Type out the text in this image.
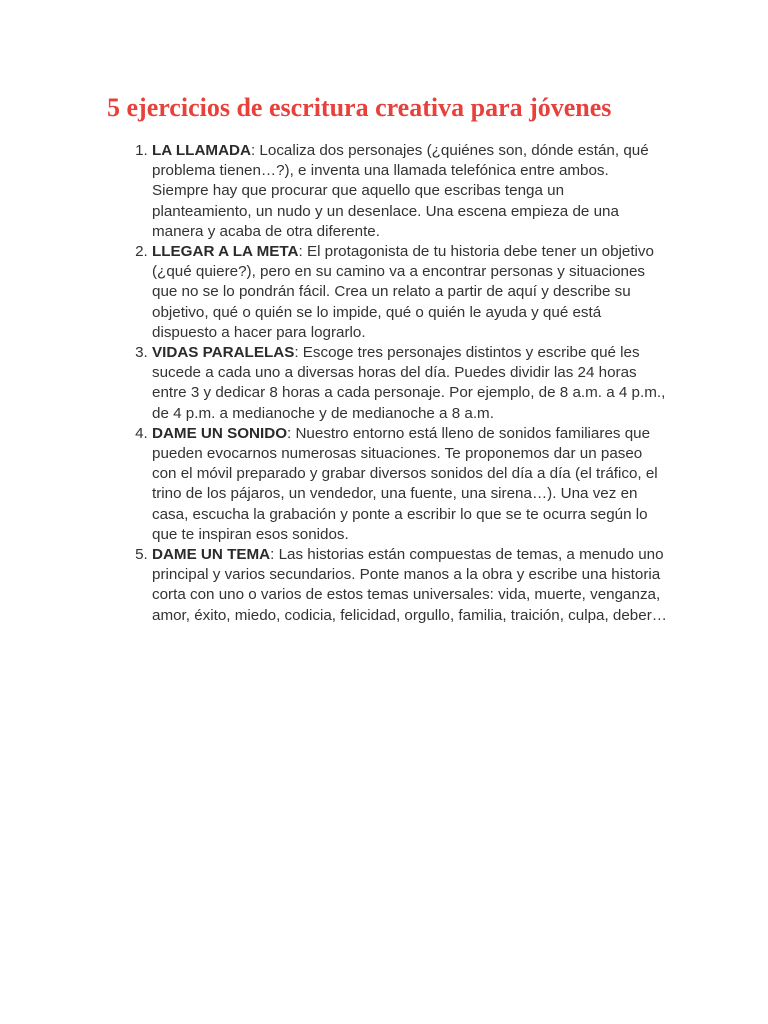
5 ejercicios de escritura creativa para jóvenes
1. LA LLAMADA: Localiza dos personajes (¿quiénes son, dónde están, qué problema tienen…?), e inventa una llamada telefónica entre ambos. Siempre hay que procurar que aquello que escribas tenga un planteamiento, un nudo y un desenlace. Una escena empieza de una manera y acaba de otra diferente.
2. LLEGAR A LA META: El protagonista de tu historia debe tener un objetivo (¿qué quiere?), pero en su camino va a encontrar personas y situaciones que no se lo pondrán fácil. Crea un relato a partir de aquí y describe su objetivo, qué o quién se lo impide, qué o quién le ayuda y qué está dispuesto a hacer para lograrlo.
3. VIDAS PARALELAS: Escoge tres personajes distintos y escribe qué les sucede a cada uno a diversas horas del día. Puedes dividir las 24 horas entre 3 y dedicar 8 horas a cada personaje. Por ejemplo, de 8 a.m. a 4 p.m., de 4 p.m. a medianoche y de medianoche a 8 a.m.
4. DAME UN SONIDO: Nuestro entorno está lleno de sonidos familiares que pueden evocarnos numerosas situaciones. Te proponemos dar un paseo con el móvil preparado y grabar diversos sonidos del día a día (el tráfico, el trino de los pájaros, un vendedor, una fuente, una sirena…). Una vez en casa, escucha la grabación y ponte a escribir lo que se te ocurra según lo que te inspiran esos sonidos.
5. DAME UN TEMA: Las historias están compuestas de temas, a menudo uno principal y varios secundarios. Ponte manos a la obra y escribe una historia corta con uno o varios de estos temas universales: vida, muerte, venganza, amor, éxito, miedo, codicia, felicidad, orgullo, familia, traición, culpa, deber…
